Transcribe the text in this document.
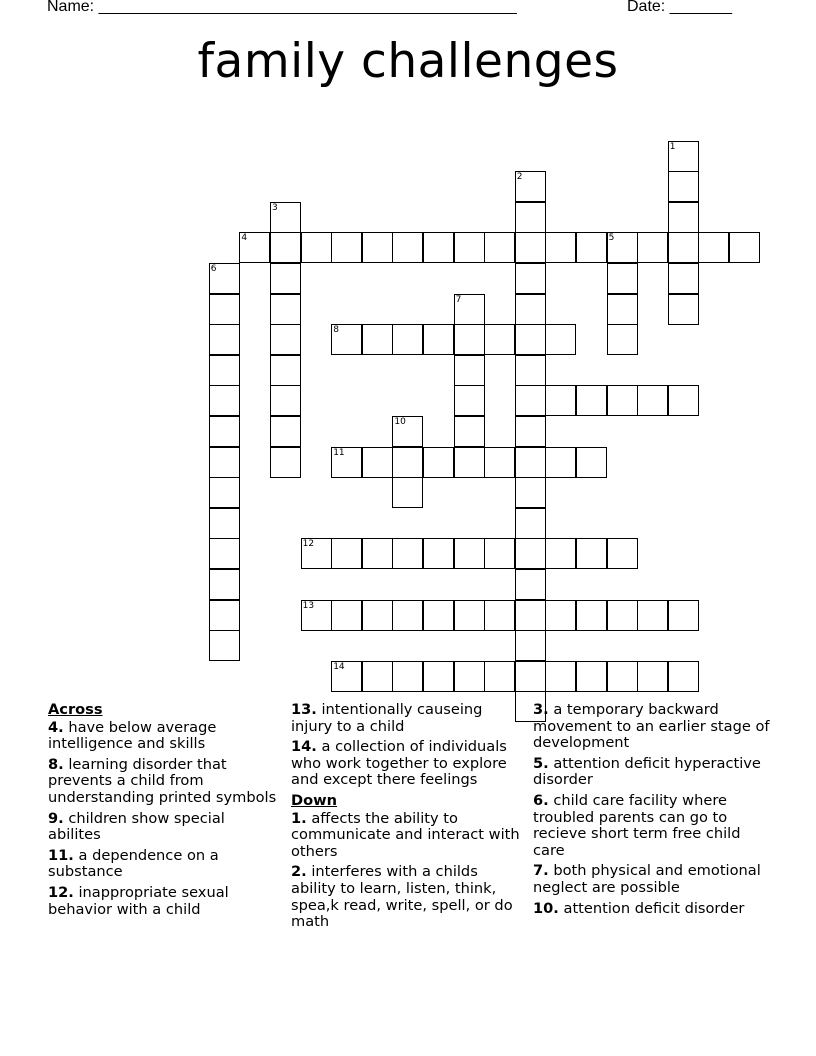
Name: _______________________________________________	Date: _______
family challenges
1
2
3
4	5
6
7
8
10
11
12
13
14
Across
4. have below average intelligence and skills
8. learning disorder that prevents a child from understanding printed symbols
9. children show special abilites
11. a dependence on a substance
12. inappropriate sexual behavior with a child
13. intentionally causeing injury to a child
14. a collection of individuals who work together to explore and except there feelings
Down
1. affects the ability to communicate and interact with others
2. interferes with a childs ability to learn, listen, think, spea,k read, write, spell, or do math
3. a temporary backward movement to an earlier stage of development
5. attention deficit hyperactive disorder
6. child care facility where troubled parents can go to recieve short term free child care
7. both physical and emotional neglect are possible
10. attention deficit disorder
